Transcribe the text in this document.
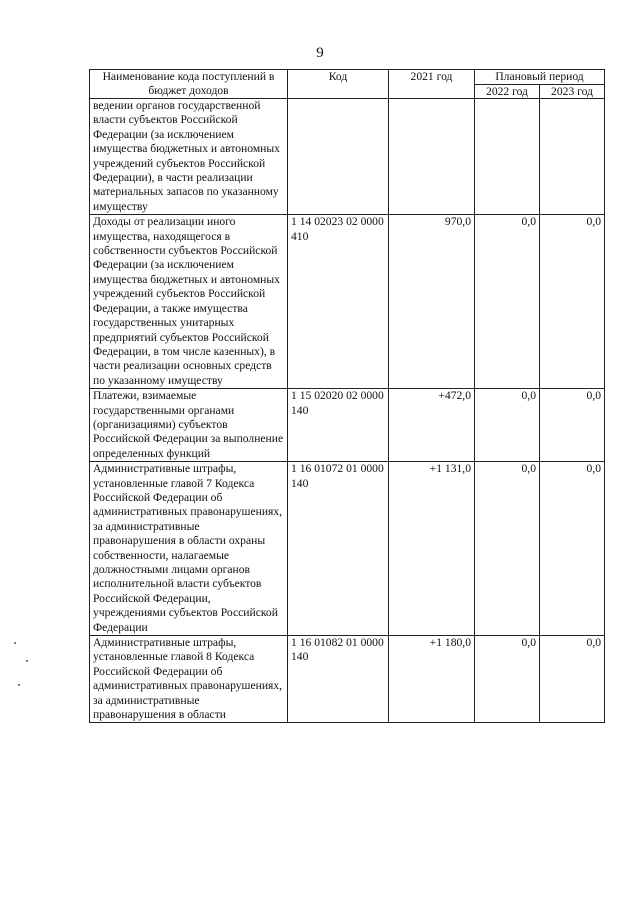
9
Наименование кода поступлений в бюджет доходов	Код	2021 год	Плановый период	
			2022 год	2023 год
ведении органов государственной власти субъектов Российской Федерации (за исключением имущества бюджетных и автономных учреждений субъектов Российской Федерации), в части реализации материальных запасов по указанному имуществу				
Доходы от реализации иного имущества, находящегося в собственности субъектов Российской Федерации (за исключением имущества бюджетных и автономных учреждений субъектов Российской Федерации, а также имущества государственных унитарных предприятий субъектов Российской Федерации, в том числе казенных), в части реализации основных средств по указанному имуществу	1 14 02023 02 0000 410	970,0	0,0	0,0
Платежи, взимаемые государственными органами (организациями) субъектов Российской Федерации за выполнение определенных функций	1 15 02020 02 0000 140	+472,0	0,0	0,0
Административные штрафы, установленные главой 7 Кодекса Российской Федерации об административных правонарушениях, за административные правонарушения в области охраны собственности, налагаемые должностными лицами органов исполнительной власти субъектов Российской Федерации, учреждениями субъектов Российской Федерации	1 16 01072 01 0000 140	+1 131,0	0,0	0,0
Административные штрафы, установленные главой 8 Кодекса Российской Федерации об административных правонарушениях, за административные правонарушения в области	1 16 01082 01 0000 140	+1 180,0	0,0	0,0
